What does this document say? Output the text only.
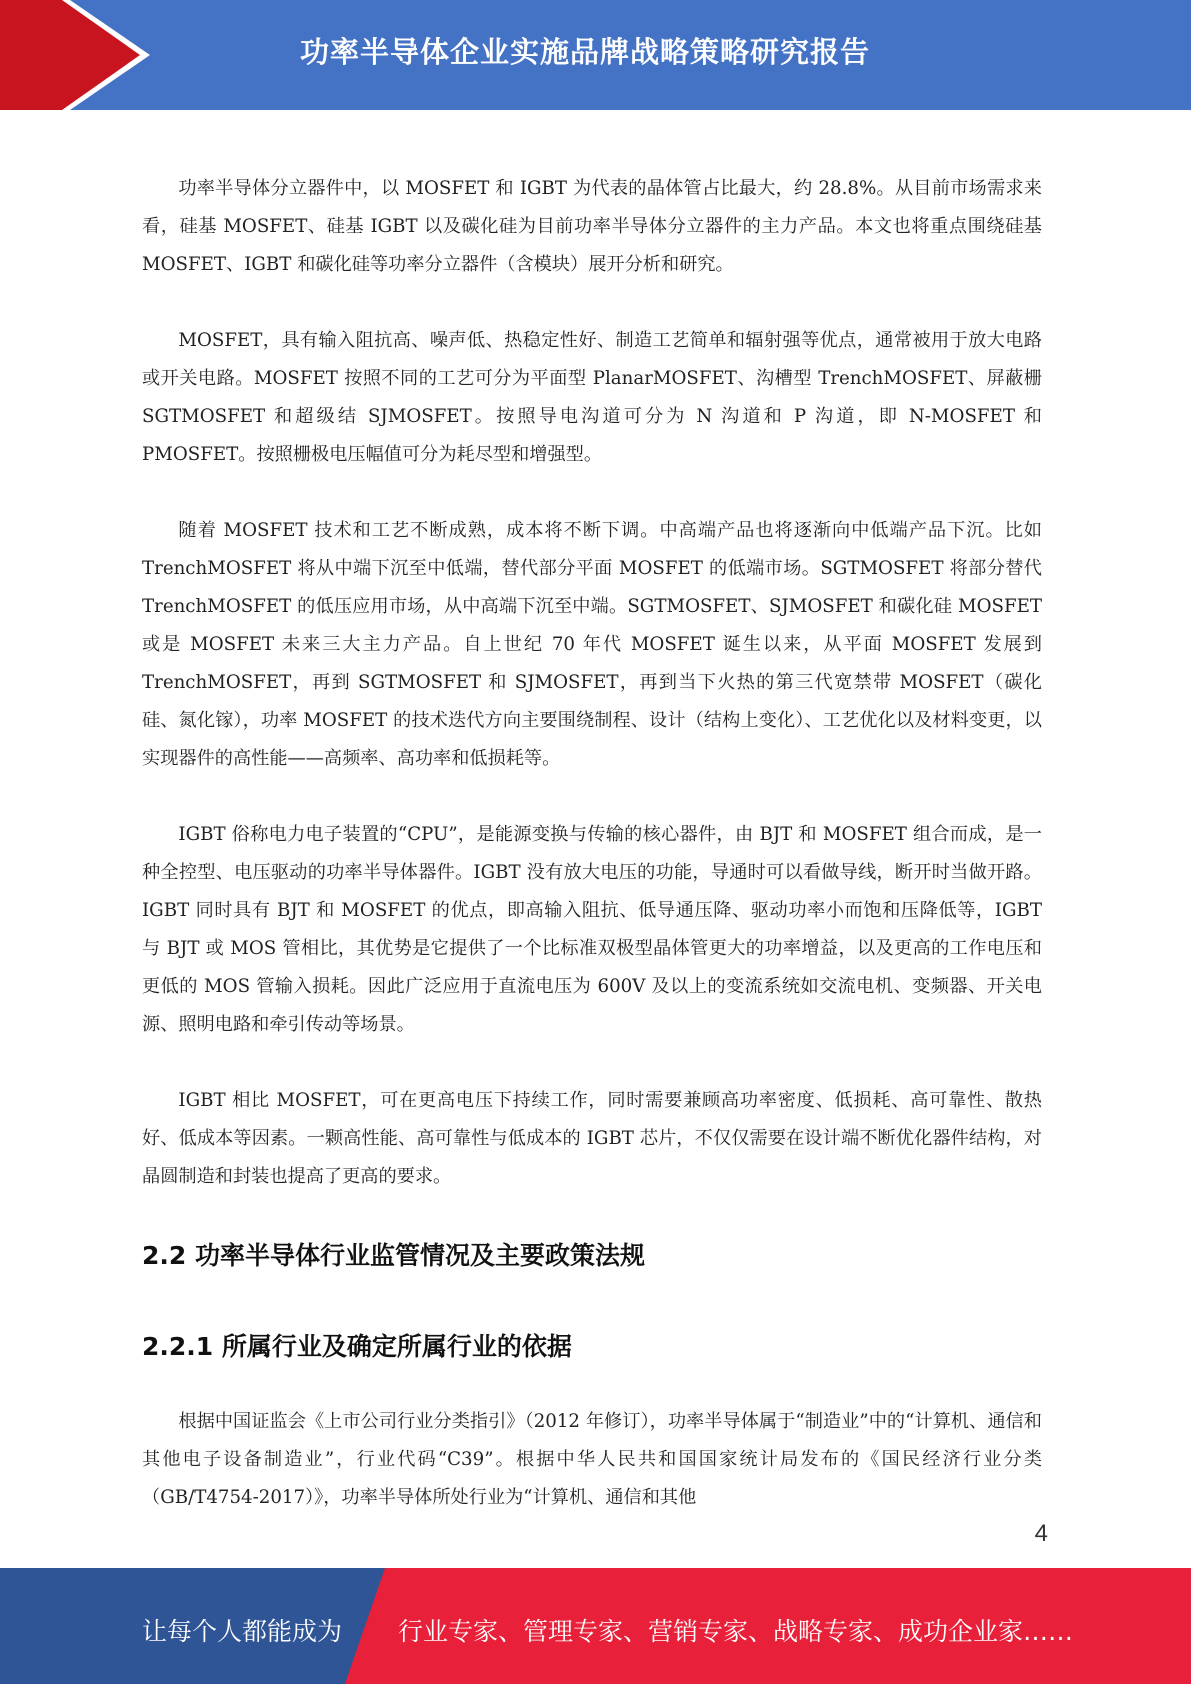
功率半导体企业实施品牌战略策略研究报告

功率半导体分立器件中，以 MOSFET 和 IGBT 为代表的晶体管占比最大，约 28.8%。从目前市场需求来看，硅基 MOSFET、硅基 IGBT 以及碳化硅为目前功率半导体分立器件的主力产品。本文也将重点围绕硅基 MOSFET、IGBT 和碳化硅等功率分立器件（含模块）展开分析和研究。

MOSFET，具有输入阻抗高、噪声低、热稳定性好、制造工艺简单和辐射强等优点，通常被用于放大电路或开关电路。MOSFET 按照不同的工艺可分为平面型 PlanarMOSFET、沟槽型 TrenchMOSFET、屏蔽栅 SGTMOSFET 和超级结 SJMOSFET。按照导电沟道可分为 N 沟道和 P 沟道，即 N-MOSFET 和 PMOSFET。按照栅极电压幅值可分为耗尽型和增强型。

随着 MOSFET 技术和工艺不断成熟，成本将不断下调。中高端产品也将逐渐向中低端产品下沉。比如 TrenchMOSFET 将从中端下沉至中低端，替代部分平面 MOSFET 的低端市场。SGTMOSFET 将部分替代 TrenchMOSFET 的低压应用市场，从中高端下沉至中端。SGTMOSFET、SJMOSFET 和碳化硅 MOSFET 或是 MOSFET 未来三大主力产品。自上世纪 70 年代 MOSFET 诞生以来，从平面 MOSFET 发展到 TrenchMOSFET，再到 SGTMOSFET 和 SJMOSFET，再到当下火热的第三代宽禁带 MOSFET（碳化硅、氮化镓），功率 MOSFET 的技术迭代方向主要围绕制程、设计（结构上变化）、工艺优化以及材料变更，以实现器件的高性能——高频率、高功率和低损耗等。

IGBT 俗称电力电子装置的“CPU”，是能源变换与传输的核心器件，由 BJT 和 MOSFET 组合而成，是一种全控型、电压驱动的功率半导体器件。IGBT 没有放大电压的功能，导通时可以看做导线，断开时当做开路。IGBT 同时具有 BJT 和 MOSFET 的优点，即高输入阻抗、低导通压降、驱动功率小而饱和压降低等，IGBT 与 BJT 或 MOS 管相比，其优势是它提供了一个比标准双极型晶体管更大的功率增益，以及更高的工作电压和更低的 MOS 管输入损耗。因此广泛应用于直流电压为 600V 及以上的变流系统如交流电机、变频器、开关电源、照明电路和牵引传动等场景。

IGBT 相比 MOSFET，可在更高电压下持续工作，同时需要兼顾高功率密度、低损耗、高可靠性、散热好、低成本等因素。一颗高性能、高可靠性与低成本的 IGBT 芯片，不仅仅需要在设计端不断优化器件结构，对晶圆制造和封装也提高了更高的要求。

2.2 功率半导体行业监管情况及主要政策法规
2.2.1 所属行业及确定所属行业的依据

根据中国证监会《上市公司行业分类指引》（2012 年修订），功率半导体属于“制造业”中的“计算机、通信和其他电子设备制造业”，行业代码“C39”。根据中华人民共和国国家统计局发布的《国民经济行业分类（GB/T4754-2017）》，功率半导体所处行业为“计算机、通信和其他

4
让每个人都能成为 行业专家、管理专家、营销专家、战略专家、成功企业家……
